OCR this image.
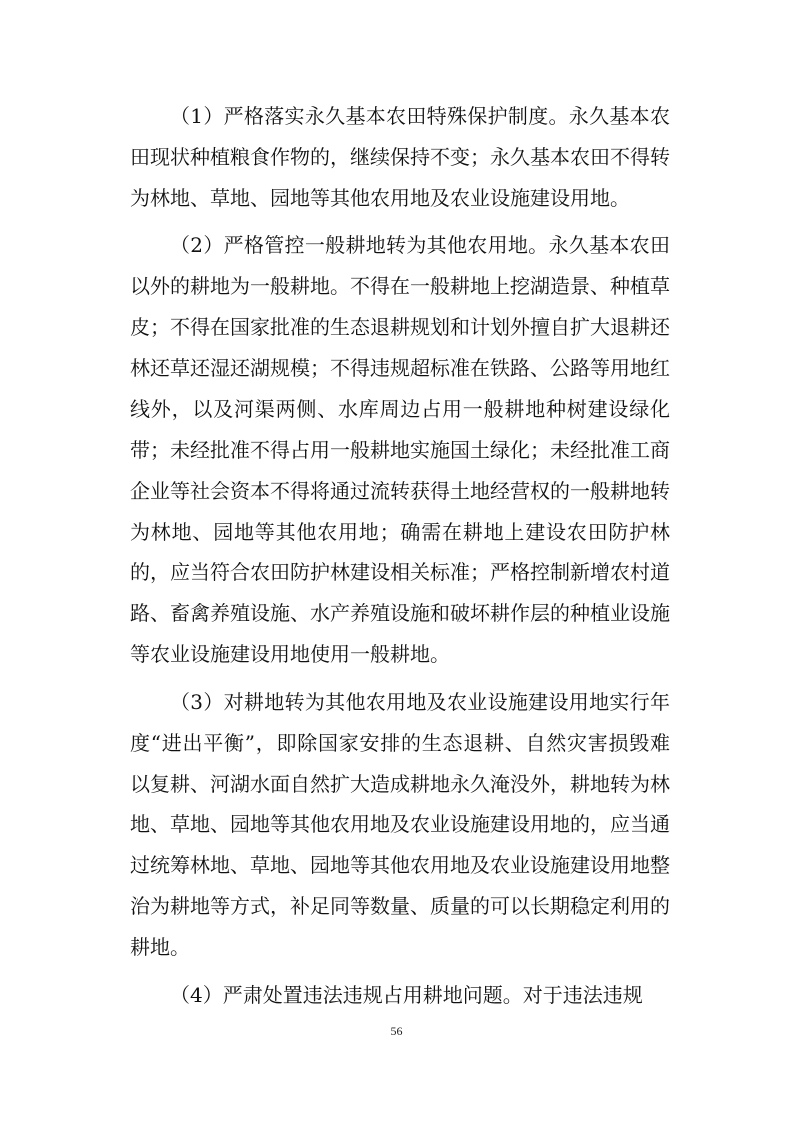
（1）严格落实永久基本农田特殊保护制度。永久基本农田现状种植粮食作物的，继续保持不变；永久基本农田不得转为林地、草地、园地等其他农用地及农业设施建设用地。

（2）严格管控一般耕地转为其他农用地。永久基本农田以外的耕地为一般耕地。不得在一般耕地上挖湖造景、种植草皮；不得在国家批准的生态退耕规划和计划外擅自扩大退耕还林还草还湿还湖规模；不得违规超标准在铁路、公路等用地红线外，以及河渠两侧、水库周边占用一般耕地种树建设绿化带；未经批准不得占用一般耕地实施国土绿化；未经批准工商企业等社会资本不得将通过流转获得土地经营权的一般耕地转为林地、园地等其他农用地；确需在耕地上建设农田防护林的，应当符合农田防护林建设相关标准；严格控制新增农村道路、畜禽养殖设施、水产养殖设施和破坏耕作层的种植业设施等农业设施建设用地使用一般耕地。

（3）对耕地转为其他农用地及农业设施建设用地实行年度“进出平衡”，即除国家安排的生态退耕、自然灾害损毁难以复耕、河湖水面自然扩大造成耕地永久淹没外，耕地转为林地、草地、园地等其他农用地及农业设施建设用地的，应当通过统筹林地、草地、园地等其他农用地及农业设施建设用地整治为耕地等方式，补足同等数量、质量的可以长期稳定利用的耕地。

（4）严肃处置违法违规占用耕地问题。对于违法违规

56
